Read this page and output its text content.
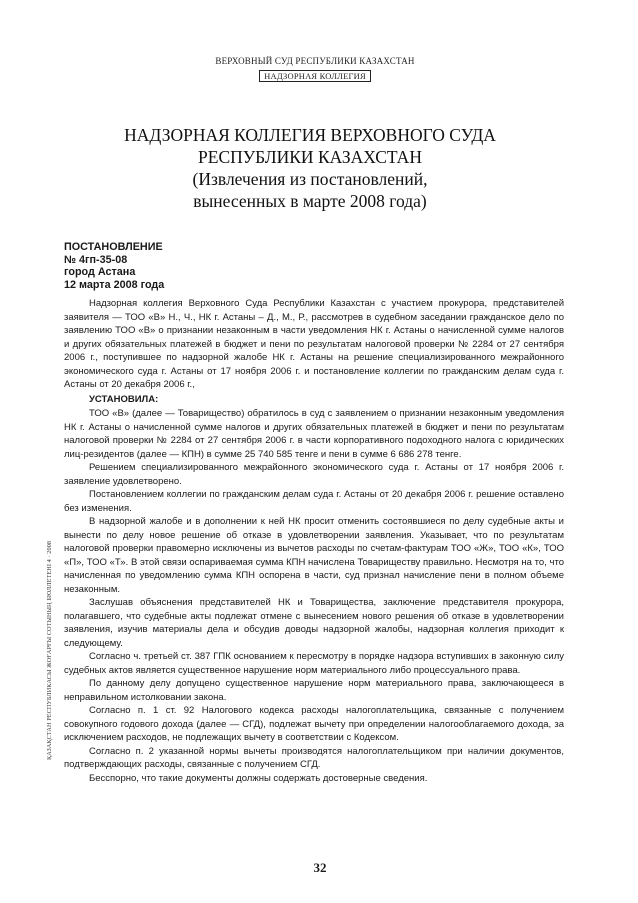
ВЕРХОВНЫЙ СУД РЕСПУБЛИКИ КАЗАХСТАН
НАДЗОРНАЯ КОЛЛЕГИЯ
НАДЗОРНАЯ КОЛЛЕГИЯ ВЕРХОВНОГО СУДА
РЕСПУБЛИКИ КАЗАХСТАН
(Извлечения из постановлений,
вынесенных в марте 2008 года)
ПОСТАНОВЛЕНИЕ
№ 4гп-35-08
город Астана
12 марта 2008 года

Надзорная коллегия Верховного Суда Республики Казахстан с участием прокурора, представителей заявителя — ТОО «В» Н., Ч., НК г. Астаны – Д., М., Р., рассмотрев в судебном заседании гражданское дело по заявлению ТОО «В» о признании незаконным в части уведомления НК г. Астаны о начисленной сумме налогов и других обязательных платежей в бюджет и пени по результатам налоговой проверки № 2284 от 27 сентября 2006 г., поступившее по надзорной жалобе НК г. Астаны на решение специализированного межрайонного экономического суда г. Астаны от 17 ноября 2006 г. и постановление коллегии по гражданским делам суда г. Астаны от 20 декабря 2006 г.,

УСТАНОВИЛА:

ТОО «В» (далее — Товарищество) обратилось в суд с заявлением о признании незаконным уведомления НК г. Астаны о начисленной сумме налогов и других обязательных платежей в бюджет и пени по результатам налоговой проверки № 2284 от 27 сентября 2006 г. в части корпоративного подоходного налога с юридических лиц-резидентов (далее — КПН) в сумме 25 740 585 тенге и пени в сумме 6 686 278 тенге.

Решением специализированного межрайонного экономического суда г. Астаны от 17 ноября 2006 г. заявление удовлетворено.

Постановлением коллегии по гражданским делам суда г. Астаны от 20 декабря 2006 г. решение оставлено без изменения.

В надзорной жалобе и в дополнении к ней НК просит отменить состоявшиеся по делу судебные акты и вынести по делу новое решение об отказе в удовлетворении заявления. Указывает, что по результатам налоговой проверки правомерно исключены из вычетов расходы по счетам-фактурам ТОО «Ж», ТОО «К», ТОО «П», ТОО «Т». В этой связи оспариваемая сумма КПН начислена Товариществу правильно. Несмотря на то, что начисленная по уведомлению сумма КПН оспорена в части, суд признал начисление пени в полном объеме незаконным.

Заслушав объяснения представителей НК и Товарищества, заключение представителя прокурора, полагавшего, что судебные акты подлежат отмене с вынесением нового решения об отказе в удовлетворении заявления, изучив материалы дела и обсудив доводы надзорной жалобы, надзорная коллегия приходит к следующему.

Согласно ч. третьей ст. 387 ГПК основанием к пересмотру в порядке надзора вступивших в законную силу судебных актов является существенное нарушение норм материального либо процессуального права.

По данному делу допущено существенное нарушение норм материального права, заключающееся в неправильном истолковании закона.

Согласно п. 1 ст. 92 Налогового кодекса расходы налогоплательщика, связанные с получением совокупного годового дохода (далее — СГД), подлежат вычету при определении налогооблагаемого дохода, за исключением расходов, не подлежащих вычету в соответствии с Кодексом.

Согласно п. 2 указанной нормы вычеты производятся налогоплательщиком при наличии документов, подтверждающих расходы, связанные с получением СГД.

Бесспорно, что такие документы должны содержать достоверные сведения.

ҚАЗАҚСТАН РЕСПУБЛИКАСЫ ЖОҒАРҒЫ СОТЫНЫҢ БЮЛЛЕТЕНІ 4 · 2008
32
